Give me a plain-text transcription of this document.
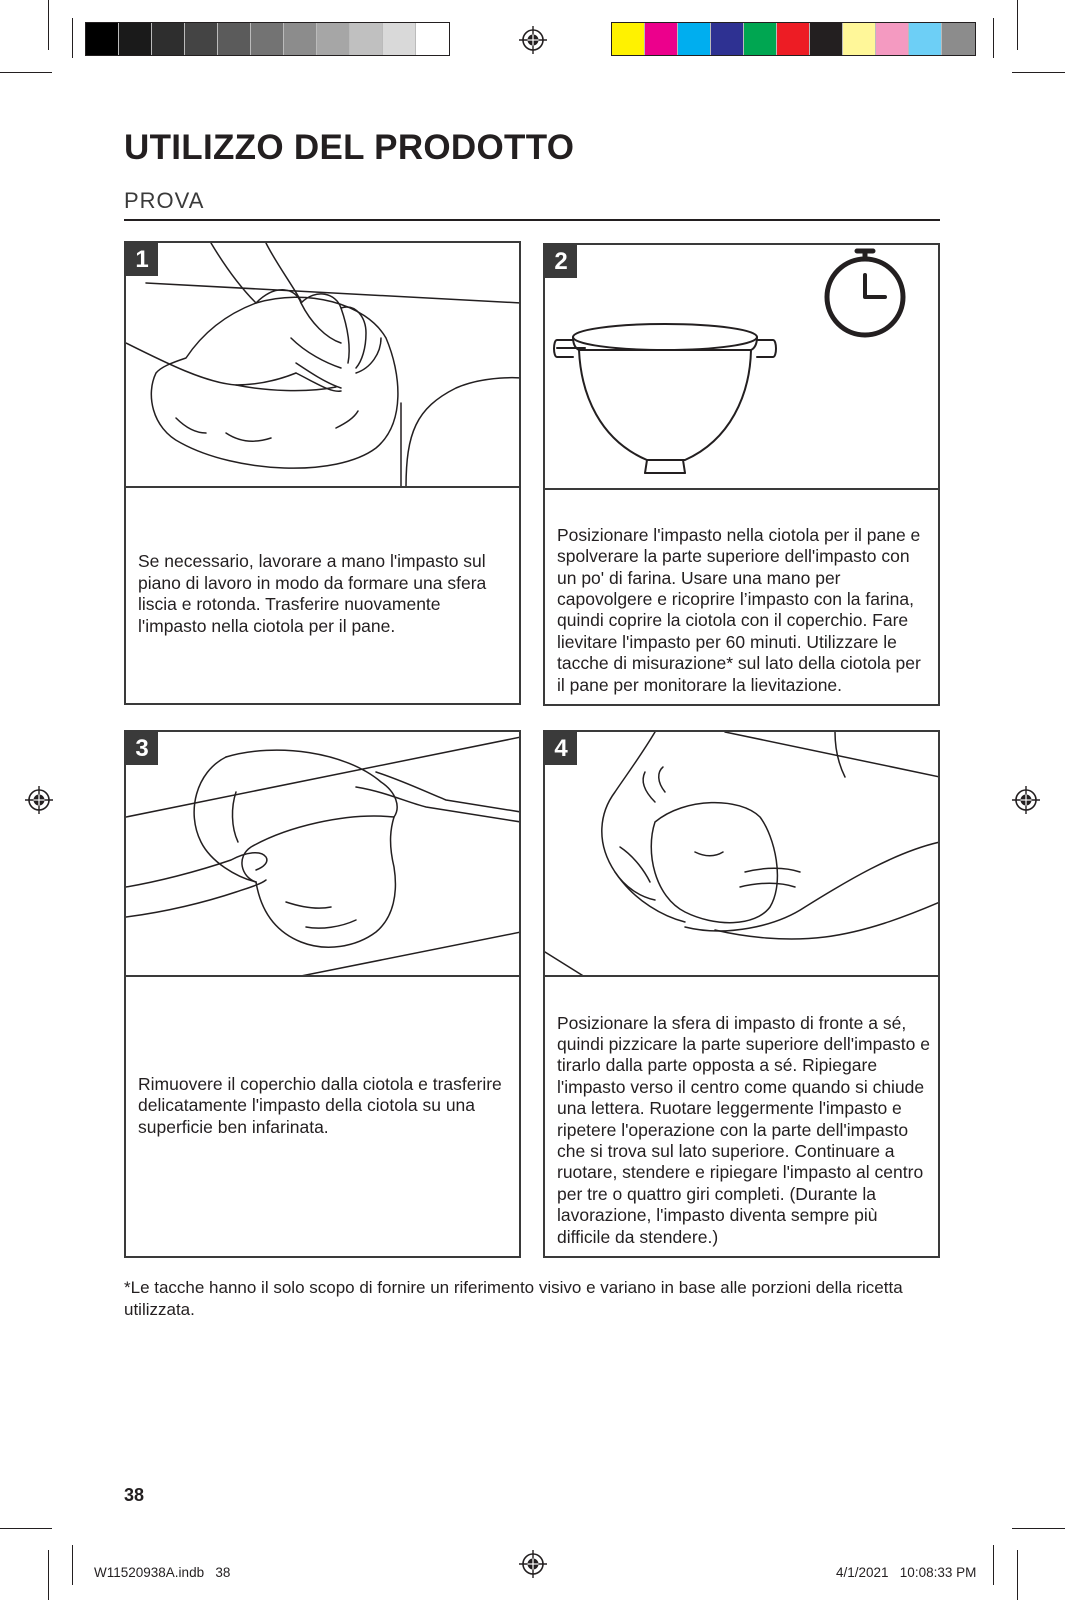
UTILIZZO DEL PRODOTTO
PROVA
1
Se necessario, lavorare a mano l'impasto sul piano di lavoro in modo da formare una sfera liscia e rotonda. Trasferire nuovamente l'impasto nella ciotola per il pane.
2
Posizionare l'impasto nella ciotola per il pane e spolverare la parte superiore dell'impasto con un po' di farina. Usare una mano per capovolgere e ricoprire l’impasto con la farina, quindi coprire la ciotola con il coperchio. Fare lievitare l'impasto per 60 minuti. Utilizzare le tacche di misurazione* sul lato della ciotola per il pane per monitorare la lievitazione.
3
Rimuovere il coperchio dalla ciotola e trasferire delicatamente l'impasto della ciotola su una superficie ben infarinata.
4
Posizionare la sfera di impasto di fronte a sé, quindi pizzicare la parte superiore dell'impasto e tirarlo dalla parte opposta a sé. Ripiegare l'impasto verso il centro come quando si chiude una lettera. Ruotare leggermente l'impasto e ripetere l'operazione con la parte dell'impasto che si trova sul lato superiore. Continuare a ruotare, stendere e ripiegare l'impasto al centro per tre o quattro giri completi. (Durante la lavorazione, l'impasto diventa sempre più difficile da stendere.)
*Le tacche hanno il solo scopo di fornire un riferimento visivo e variano in base alle porzioni della ricetta utilizzata.
38
W11520938A.indb   38	4/1/2021   10:08:33 PM
